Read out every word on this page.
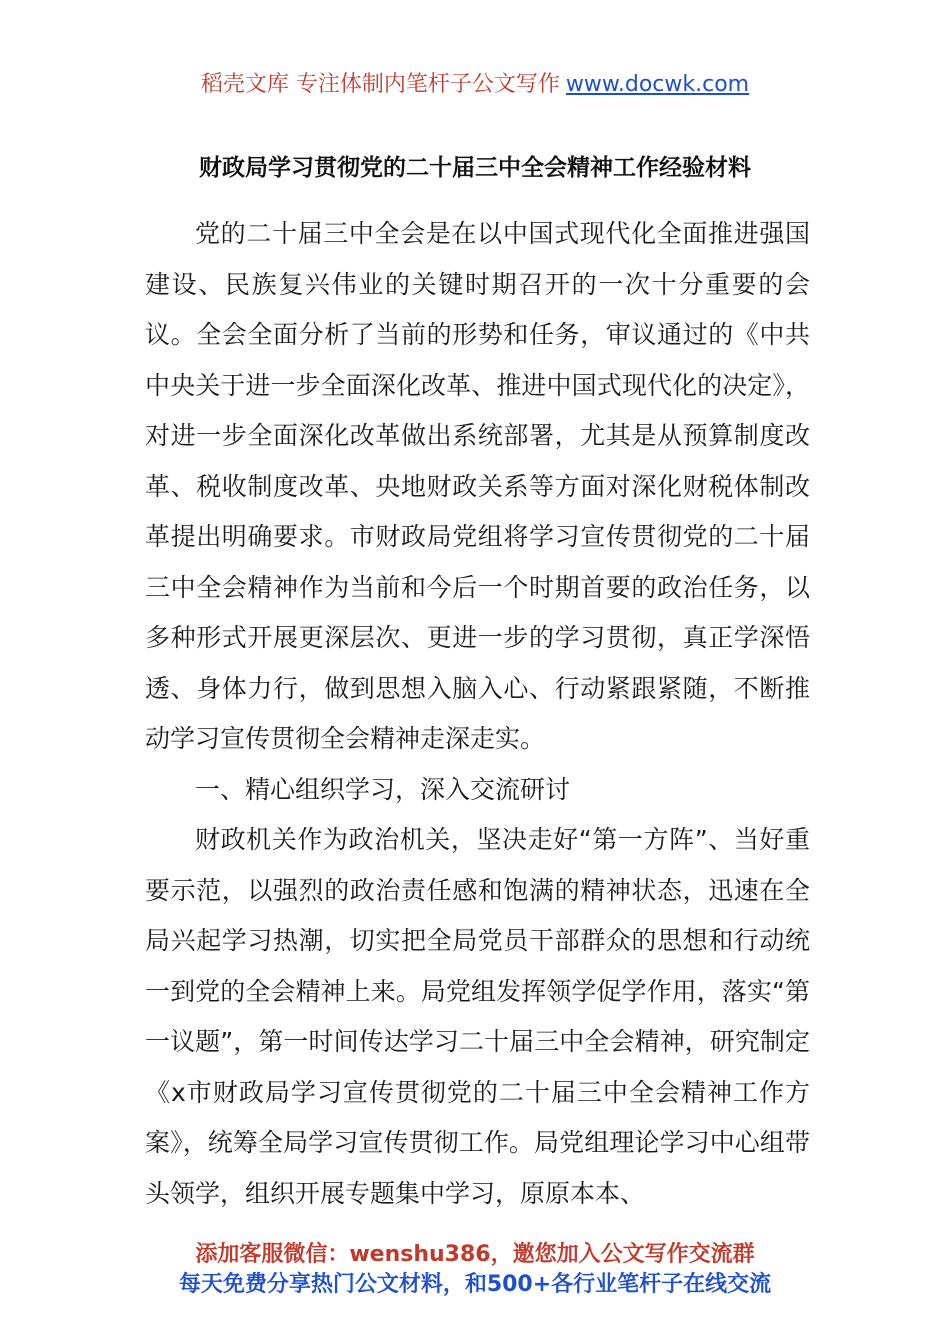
稻壳文库 专注体制内笔杆子公文写作 www.docwk.com
财政局学习贯彻党的二十届三中全会精神工作经验材料

党的二十届三中全会是在以中国式现代化全面推进强国建设、民族复兴伟业的关键时期召开的一次十分重要的会议。全会全面分析了当前的形势和任务，审议通过的《中共中央关于进一步全面深化改革、推进中国式现代化的决定》，对进一步全面深化改革做出系统部署，尤其是从预算制度改革、税收制度改革、央地财政关系等方面对深化财税体制改革提出明确要求。市财政局党组将学习宣传贯彻党的二十届三中全会精神作为当前和今后一个时期首要的政治任务，以多种形式开展更深层次、更进一步的学习贯彻，真正学深悟透、身体力行，做到思想入脑入心、行动紧跟紧随，不断推动学习宣传贯彻全会精神走深走实。

一、精心组织学习，深入交流研讨

财政机关作为政治机关，坚决走好“第一方阵”、当好重要示范，以强烈的政治责任感和饱满的精神状态，迅速在全局兴起学习热潮，切实把全局党员干部群众的思想和行动统一到党的全会精神上来。局党组发挥领学促学作用，落实“第一议题”，第一时间传达学习二十届三中全会精神，研究制定《x市财政局学习宣传贯彻党的二十届三中全会精神工作方案》，统筹全局学习宣传贯彻工作。局党组理论学习中心组带头领学，组织开展专题集中学习，原原本本、

添加客服微信：wenshu386，邀您加入公文写作交流群
每天免费分享热门公文材料，和500+各行业笔杆子在线交流
